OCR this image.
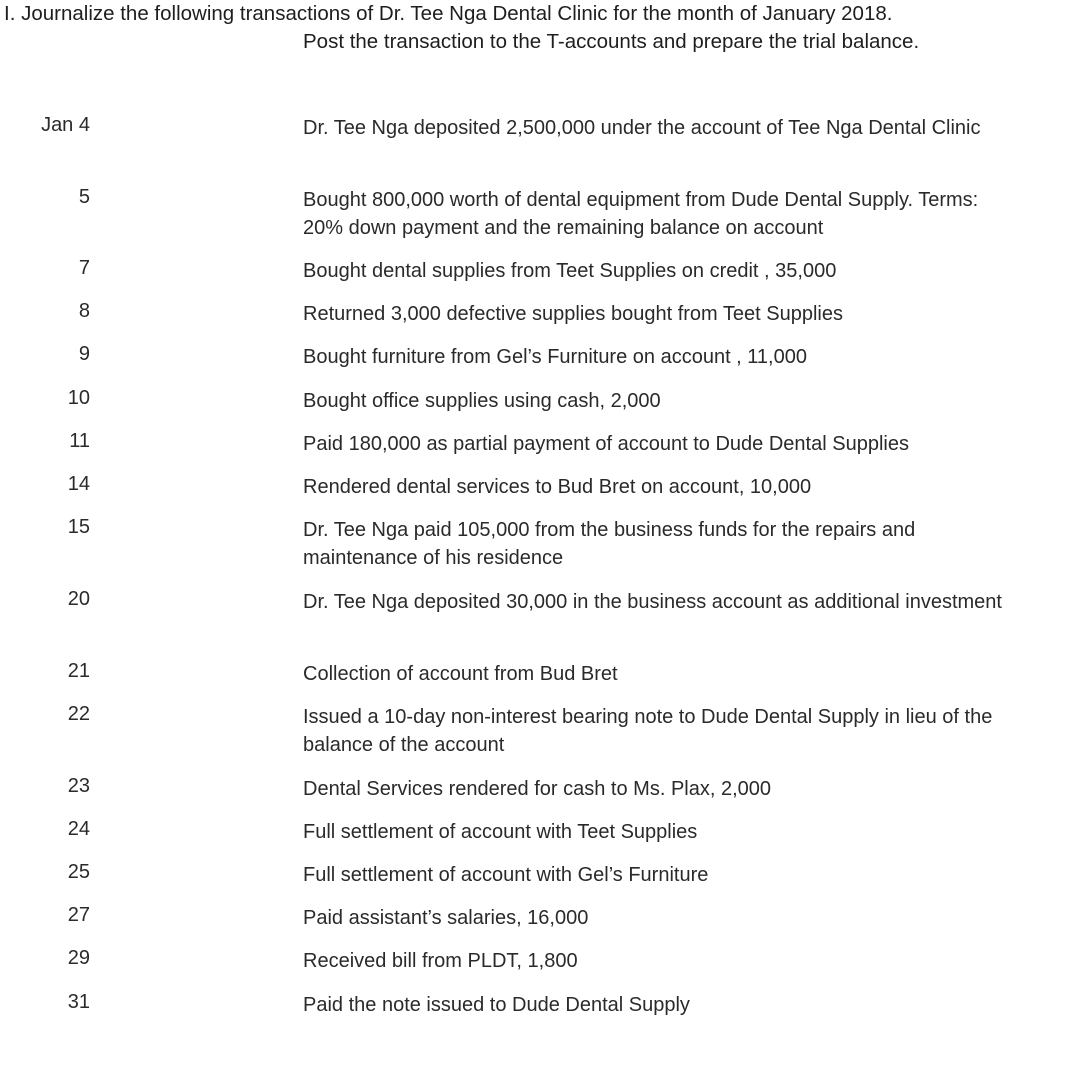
I. Journalize the following transactions of Dr. Tee Nga Dental Clinic for the month of January 2018.
Post the transaction to the T-accounts and prepare the trial balance.
Jan 4	Dr. Tee Nga deposited 2,500,000 under the account of Tee Nga Dental Clinic
5	Bought 800,000 worth of dental equipment from Dude Dental Supply. Terms: 20% down payment and the remaining balance on account
7	Bought dental supplies from Teet Supplies on credit , 35,000
8	Returned 3,000 defective supplies bought from Teet Supplies
9	Bought furniture from Gel’s Furniture on account , 11,000
10	Bought office supplies using cash, 2,000
11	Paid 180,000 as partial payment of account to Dude Dental Supplies
14	Rendered dental services to Bud Bret on account, 10,000
15	Dr. Tee Nga paid 105,000 from the business funds for the repairs and maintenance of his residence
20	Dr. Tee Nga deposited 30,000 in the business account as additional investment
21	Collection of account from Bud Bret
22	Issued a 10-day non-interest bearing note to Dude Dental Supply in lieu of the balance of the account
23	Dental Services rendered for cash to Ms. Plax, 2,000
24	Full settlement of account with Teet Supplies
25	Full settlement of account with Gel’s Furniture
27	Paid assistant’s salaries, 16,000
29	Received bill from PLDT, 1,800
31	Paid the note issued to Dude Dental Supply
